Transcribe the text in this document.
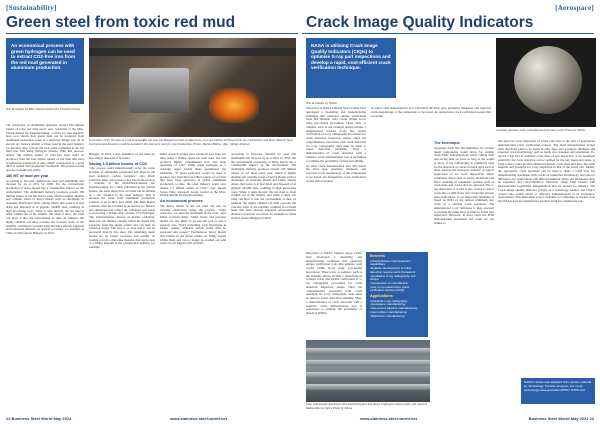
[Sustainability]
Green steel from toxic red mud
An economical process with green hydrogen can be used to extract CO2-free iron from the red mud generated in aluminium production.
Text & images by Max-Planck-Institut für Eisenforschung
In October 2015, the dam of a red mud landfill site near the Hungarian town of Ajka burst; over one million m3 flowed into the environment and River Marcal. Such environmental disasters could be avoided if the mud were used for steel production. Photo: Marton Hollos / dpa / picture alliance.

The production of aluminium generates around 180 million tonnes of toxic red mud every year. Scientists at the Max-Planck-Institut für Eisenforschung, a centre for iron research, have now shown how green steel can be produced from aluminium production waste in a relatively simple way. In an electric arc furnace similar to those used in the steel industry for decades, they convert the iron oxide contained in the red mud into iron using hydrogen plasma. With this process, almost 700 million tonnes of CO2-free steel could be produced from the four billion tonnes of red mud that have accumulated worldwide to date, which corresponds to a good third of annual steel production worldwide. The process would also be economically viable.

180 MT of mud per year

According to forecasts, demand for steel and aluminium will increase by up to 60% by 2050. Yet the conventional production of these metals has a considerable impact on the environment. The aluminium industry produces around 180 million tonnes of red mud every year, which is highly alkaline and contains traces of heavy metals such as chromium. In Australia, Brazil and China, among others, that waste is at best dried and disposed of in gigantic landfill sites, resulting in high processing costs. When it rains heavily, the red mud is often washed out of the landfill, and when it dries, the wind can blow it into the environment as dust. In addition, the highly alkaline red mud corrodes the concrete walls of the landfills, resulting in red mud leaks that have already triggered environmental disasters on several occasions, for example in China in 2012 and in Hungary in 2010.

Hungary in 2010. Large quantities of red mud are also simply disposed of in nature.

Saving 1.5 billion tonnes of CO2

"Our process could simultaneously solve the waste problem of aluminium production and improve the steel industry's carbon footprint," says Matic Jovičević-Klug, who played a key role in the work as a scientist at the Max-Planck-Institut für Eisenforschung. In a study published in the journal Nature, the team shows how red mud can be utilised as a raw material in the steel industry. This is because the waste from aluminium production consists of up to 60% iron oxide. The Max-Planck scientists melt the red mud in an electric arc furnace and simultaneously reduce the contained iron oxide to iron using a plasma that contains 10% hydrogen. The transformation, known as plasma reduction, takes just ten minutes, during which the liquid iron separates from the liquid oxides and can then be extracted easily. The iron is so pure that it can be processed directly into steel. The remaining metal oxides are no longer corrosive and solidify on cooling to form a glass-like material that can be used as a filling material in the construction industry, for example.

Other research groups have produced iron from red mud using a similar approach with coke, but this produces highly contaminated iron and large quantities of CO2. Using green hydrogen as a reducing agent avoids these greenhouse gas emissions. "If green hydrogen would be used to produce iron from the four billion tonnes of red mud that have been generated in global aluminium production to date, the steel industry could save almost 1.5 billion tonnes of CO2," says Isnaldi Souza Filho, Research Group Leader at the Max-Planck-Institut für Eisenforschung.

An economical process

The heavy metals in the red mud can also be virtually neutralised using the process. "After reduction, we detected chromium in the iron," says Matic Jovičević-Klug. "Other heavy and precious metals are also likely to go into the iron or into a separate area. That's something we'll investigate in further studies. Valuable metals could then be separated and reused." Furthermore, heavy metals that remain in the metal oxides are firmly bound within them and can no longer be washed out with water, as can happen with red mud.

According to forecasts, demand for steel and aluminium will increase by up to 60% by 2050. Yet the conventional production of these metals has a considerable impact on the environment. The aluminium industry produces around 180 million tonnes of red mud every year, which is highly alkaline and contains traces of heavy metals such as chromium. In Australia, Brazil and China, among others, that waste is at best dried and disposed of in gigantic landfill sites, resulting in high processing costs. When it rains heavily, the red mud is often washed out of the landfill, and when it dries, the wind can blow it into the environment as dust. In addition, the highly alkaline red mud corrodes the concrete walls of the landfills, resulting in red mud leaks that have already triggered environmental disasters on several occasions, for example in China in 2012 and in Hungary in 2010.

22 Business Steel World May 2024	www.stainless-steel-world.net
[Aerospace]
Crack Image Quality Indicators
NASA is utilising Crack Image Quality Indicators (CIQIs) to optimise X-ray part inspections and develop a rapid, cost-efficient crack verification technique.
Text & images by NASA
A testing specimen with a manufactured circular crack. Photo by NASA.

Innovators at NASA Johnson Space Center have developed a modelling and manufacturing technique that generates unique verification tools that emulate weld cracks within X-ray setup part-testing procedures. These tools, or samples, such as the example shown include a manufactured cracked crack, also enable verification of x-ray radiography procedures for crack detection inspection setups. Once the comprehensive associated with crack detection via x-ray radiography steps must be taken to assess detection reliability. Thus, a demonstration of crack detection with a sensitive crack demonstration tool is performed to estimate the probability of detection (POD).

As ideal crack demonstration tool will match the alloy type, geometry, thickness, and expected crack morphology of the components to be tested. An inexpensive crack verification toolset that accurately

As ideal crack demonstration tool will match the alloy type, geometry, thickness, and expected crack morphology of the components to be tested. An inexpensive crack verification toolset that accurately

The technique

represents each flex discontinuities for various metal components would allow for reliable crack POD demonstrations while cutting time and saving time on years as long as the weeks or more. X-ray radiography is commonly used for the detection of cracks in metal parts such as those used in the aerospace industry. A typical application is for weld inspections where volumetric flaws such as pores, inclusions and flaws resulting in volumetric features such as crack-leak, and cracks and are detected. The x-ray inspection of cracks is also crucial to detect crack-like or tight flaws and cracks that present tense indications. X-ray inspection reliability is based on POD of the desired minimum size crack of a suitable crack specimen. The demonstrated x-ray technique is then assessed to provide the same level of POD to actual part inspection. However, in most cases the POD demonstration specimens and setup are not similar to

that used for x-ray inspection of actual parts due to the lack of appropriate demonstration crack verification toolsets. The ideal demonstration toolset shall match the parts to be tested in alloy type, part geometry, thickness and expected crack morphology such as depth, size, loneness and orientation. If a typical CIQI tool is available at the time of part inspection, x-ray technique sensitivity for crack detection can be verified for the part inspection setup. A CIQI toolset could provide simulated known crack sizes and have the same material and geometry for x-ray inspection to that of the actual part. Ideally, the appropriate crack specimen can be used to make a CIQI tool, but manufacturing specimens with cracks of controlled morphology and size for different x-ray applications with different material alloys and thicknesses may be expensive and cost-prohibitive. Therefore, cheap CIQI toolsets with measurements capabilities demonstration may be desired for industry. The Crack Image Quality Indicator (CIQI), as a technology enabler, lets CIQI-2 owners take certain model or reference demonstrations in an economical environment. This innovation is now available for companies to license; note that NASA does not manufacture products itself for commercial sale.

Innovators at NASA Johnson Space Center have developed a modelling and manufacturing technique that generates unique verification tools that emulate weld cracks within X-ray setup part-testing procedures. These tools, or samples, such as the example shown include a manufactured cracked crack, also enable verification of x-ray radiography procedures for crack detection inspection setups. Once the comprehensive associated with crack detection via x-ray radiography steps must be taken to assess detection reliability. Thus, a demonstration of crack detection with a sensitive crack demonstration tool is performed to estimate the probability of detection (POD).

Benefits
• Characterises crack detection capabilities
• Enables development of crack detection requirements framework
• Qualitative X-ray radiography cell setups
• Inexpensive to manufacture
• Use of non-destructive crack verification devices (CIQI)
Applications
• Industrial x-ray radiography
• Aerospace manufacturing
• Gas and oil pipeline manufacturing
• Gas turbine manufacturing
• Weldment manufacturing
Tube weld sample specimens with small drill pores and (large single-pore defects (left), and result of Radon defects (right). Photo by NASA.
NASA's article was adapted from source material by Technology Transfer program. For more: technology.nasa.gov/patent/MSC-TOPS-114
www.stainless-steel-world.net	Business Steel World May 2024 23
